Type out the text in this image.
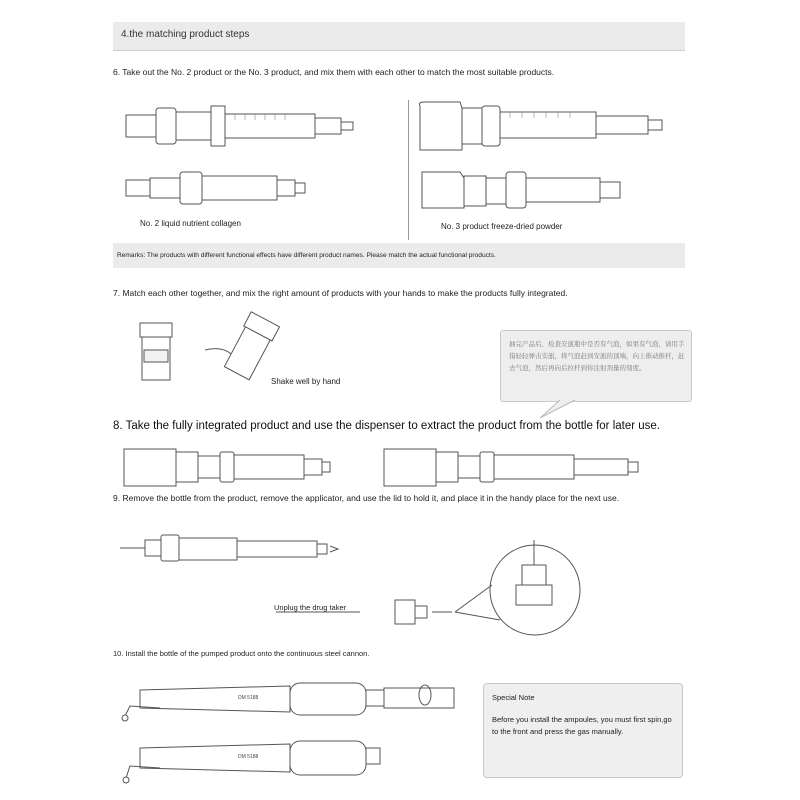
4.the matching product steps
6. Take out the No. 2 product or the No. 3 product, and mix them with each other to match the most suitable products.
7. Match each other together, and mix the right amount of products with your hands to make the products fully integrated.
8. Take the fully integrated product and use the dispenser to extract the product from the bottle for later use.
9. Remove the bottle from the product, remove the applicator, and use the lid to hold it, and place it in the handy place for the next use.
10. Install the bottle of the pumped product onto the continuous steel cannon.
No. 2 liquid nutrient collagen	No. 3 product freeze-dried powder
Shake well by hand
Unplug the drug taker
Remarks: The products with different functional effects have different product names. Please match the actual functional products.
抽完产品后，检查安瓿瓶中是否有气泡，如果有气泡，请用手指轻轻弹击安瓿，将气泡赶到安瓿的顶端，向上推动推杆，赶去气泡，然后再向后拉杆到你注射剂量的刻度。
Special Note
Before you install the ampoules, you must first spin,go to the front and press the gas manually.
DM 5188
DM 5188
